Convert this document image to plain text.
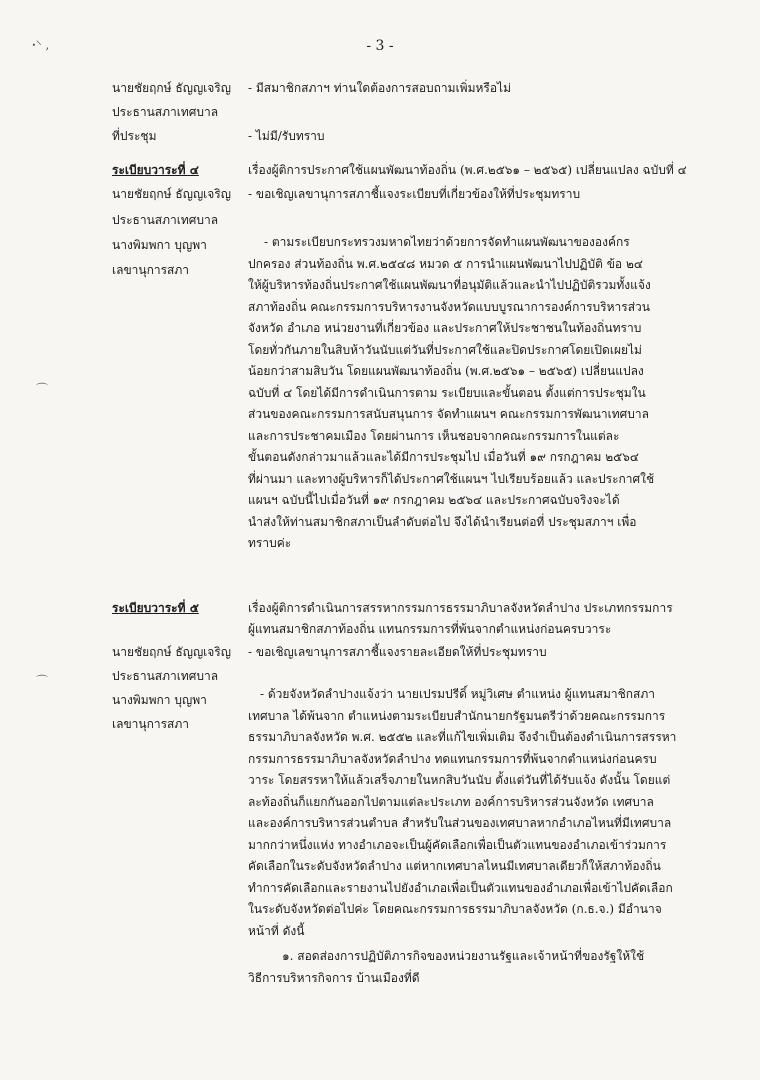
ꞏ⸌ ,
⌒
⌒
- 3 -
นายชัยฤกษ์ ธัญญเจริญ
ประธานสภาเทศบาล
ที่ประชุม
- มีสมาชิกสภาฯ ท่านใดต้องการสอบถามเพิ่มหรือไม่
- ไม่มี/รับทราบ
ระเบียบวาระที่ ๔	เรื่องผู้ติการประกาศใช้แผนพัฒนาท้องถิ่น (พ.ศ.๒๕๖๑ – ๒๕๖๕) เปลี่ยนแปลง ฉบับที่ ๔
นายชัยฤกษ์ ธัญญเจริญ
ประธานสภาเทศบาล
นางพิมพกา บุญพา
เลขานุการสภา
- ขอเชิญเลขานุการสภาชี้แจงระเบียบที่เกี่ยวข้องให้ที่ประชุมทราบ
- ตามระเบียบกระทรวงมหาดไทยว่าด้วยการจัดทำแผนพัฒนาขององค์กร
ปกครอง ส่วนท้องถิ่น พ.ศ.๒๕๔๘ หมวด ๕ การนำแผนพัฒนาไปปฏิบัติ ข้อ ๒๔
ให้ผู้บริหารท้องถิ่นประกาศใช้แผนพัฒนาที่อนุมัติแล้วและนำไปปฏิบัติรวมทั้งแจ้ง
สภาท้องถิ่น คณะกรรมการบริหารงานจังหวัดแบบบูรณาการองค์การบริหารส่วน
จังหวัด อำเภอ หน่วยงานที่เกี่ยวข้อง และประกาศให้ประชาชนในท้องถิ่นทราบ
โดยทั่วกันภายในสิบห้าวันนับแต่วันที่ประกาศใช้และปิดประกาศโดยเปิดเผยไม่
น้อยกว่าสามสิบวัน โดยแผนพัฒนาท้องถิ่น (พ.ศ.๒๕๖๑ – ๒๕๖๕) เปลี่ยนแปลง
ฉบับที่ ๔ โดยได้มีการดำเนินการตาม ระเบียบและขั้นตอน ตั้งแต่การประชุมใน
ส่วนของคณะกรรมการสนับสนุนการ จัดทำแผนฯ คณะกรรมการพัฒนาเทศบาล
และการประชาคมเมือง โดยผ่านการ เห็นชอบจากคณะกรรมการในแต่ละ
ขั้นตอนดังกล่าวมาแล้วและได้มีการประชุมไป เมื่อวันที่ ๑๙ กรกฎาคม ๒๕๖๔
ที่ผ่านมา และทางผู้บริหารก็ได้ประกาศใช้แผนฯ ไปเรียบร้อยแล้ว และประกาศใช้
แผนฯ ฉบับนี้ไปเมื่อวันที่ ๑๙ กรกฎาคม ๒๕๖๔ และประกาศฉบับจริงจะได้
นำส่งให้ท่านสมาชิกสภาเป็นลำดับต่อไป จึงได้นำเรียนต่อที่ ประชุมสภาฯ เพื่อ
ทราบค่ะ
ระเบียบวาระที่ ๕	เรื่องผู้ติการดำเนินการสรรหากรรมการธรรมาภิบาลจังหวัดลำปาง ประเภทกรรมการ
ผู้แทนสมาชิกสภาท้องถิ่น แทนกรรมการที่พ้นจากตำแหน่งก่อนครบวาระ
นายชัยฤกษ์ ธัญญเจริญ
ประธานสภาเทศบาล
นางพิมพกา บุญพา
เลขานุการสภา
- ขอเชิญเลขานุการสภาชี้แจงรายละเอียดให้ที่ประชุมทราบ
- ด้วยจังหวัดลำปางแจ้งว่า นายเปรมปรีดิ์ หมู่วิเศษ ตำแหน่ง ผู้แทนสมาชิกสภา
เทศบาล ได้พ้นจาก ตำแหน่งตามระเบียบสำนักนายกรัฐมนตรีว่าด้วยคณะกรรมการ
ธรรมาภิบาลจังหวัด พ.ศ. ๒๕๕๒ และที่แก้ไขเพิ่มเติม จึงจำเป็นต้องดำเนินการสรรหา
กรรมการธรรมาภิบาลจังหวัดลำปาง ทดแทนกรรมการที่พ้นจากตำแหน่งก่อนครบ
วาระ โดยสรรหาให้แล้วเสร็จภายในหกสิบวันนับ ตั้งแต่วันที่ได้รับแจ้ง ดังนั้น โดยแต่
ละท้องถิ่นก็แยกกันออกไปตามแต่ละประเภท องค์การบริหารส่วนจังหวัด เทศบาล
และองค์การบริหารส่วนตำบล สำหรับในส่วนของเทศบาลหากอำเภอไหนที่มีเทศบาล
มากกว่าหนึ่งแห่ง ทางอำเภอจะเป็นผู้คัดเลือกเพื่อเป็นตัวแทนของอำเภอเข้าร่วมการ
คัดเลือกในระดับจังหวัดลำปาง แต่หากเทศบาลไหนมีเทศบาลเดียวก็ให้สภาท้องถิ่น
ทำการคัดเลือกและรายงานไปยังอำเภอเพื่อเป็นตัวแทนของอำเภอเพื่อเข้าไปคัดเลือก
ในระดับจังหวัดต่อไปค่ะ โดยคณะกรรมการธรรมาภิบาลจังหวัด (ก.ธ.จ.) มีอำนาจ
หน้าที่ ดังนี้
๑. สอดส่องการปฏิบัติภารกิจของหน่วยงานรัฐและเจ้าหน้าที่ของรัฐให้ใช้
วิธีการบริหารกิจการ บ้านเมืองที่ดี
